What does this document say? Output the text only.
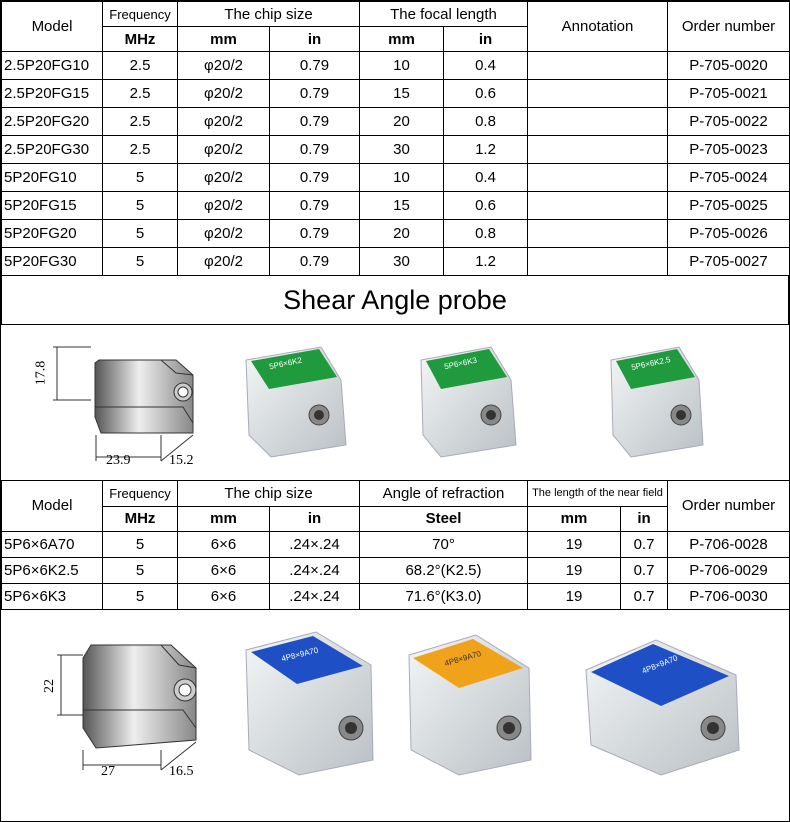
Model	Frequency	The chip size		The focal length		Annotation	Order number
	MHz	mm	in	mm	in		
2.5P20FG10	2.5	φ20/2	0.79	10	0.4		P-705-0020
2.5P20FG15	2.5	φ20/2	0.79	15	0.6		P-705-0021
2.5P20FG20	2.5	φ20/2	0.79	20	0.8		P-705-0022
2.5P20FG30	2.5	φ20/2	0.79	30	1.2		P-705-0023
5P20FG10	5	φ20/2	0.79	10	0.4		P-705-0024
5P20FG15	5	φ20/2	0.79	15	0.6		P-705-0025
5P20FG20	5	φ20/2	0.79	20	0.8		P-705-0026
5P20FG30	5	φ20/2	0.79	30	1.2		P-705-0027
Shear Angle probe
17.8
23.9	15.2
5P6×6K2	5P6×6K3	5P6×6K2.5
Model	Frequency	The chip size		Angle of refraction	The length of the near field		Order number
	MHz	mm	in	Steel	mm	in	
5P6×6A70	5	6×6	.24×.24	70°	19	0.7	P-706-0028
5P6×6K2.5	5	6×6	.24×.24	68.2°(K2.5)	19	0.7	P-706-0029
5P6×6K3	5	6×6	.24×.24	71.6°(K3.0)	19	0.7	P-706-0030
22
27	16.5
4P8×9A70	4P8×9A70	4P8×9A70
